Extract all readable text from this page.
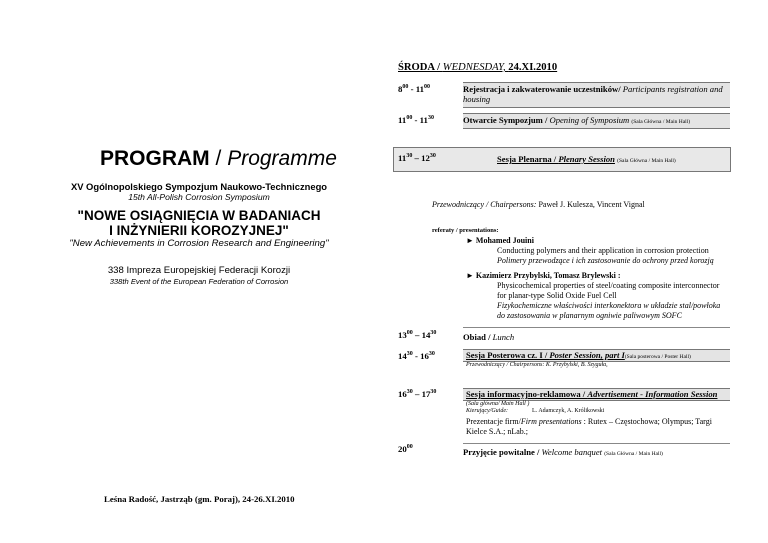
PROGRAM / Programme
XV Ogólnopolskiego Sympozjum Naukowo-Technicznego
15th All-Polish Corrosion Symposium
"NOWE OSIĄGNIĘCIA W BADANIACH
I INŻYNIERII KOROZYJNEJ"
"New Achievements in Corrosion Research and Engineering"
338 Impreza Europejskiej Federacji Korozji
338th Event of the European Federation of Corrosion
Leśna Radość, Jastrząb (gm. Poraj), 24-26.XI.2010
ŚRODA / WEDNESDAY, 24.XI.2010
$8^{00} - 11^{00}$	Rejestracja i zakwaterowanie uczestników/ Participants registration and housing
$11^{00} - 11^{30}$	Otwarcie Sympozjum / Opening of Symposium (Sala Główna / Main Hall)
$11^{30} - 12^{30}$	Sesja Plenarna / Plenary Session (Sala Główna / Main Hall)
Przewodniczący / Chairpersons: Paweł J. Kulesza, Vincent Vignal
referaty / presentations:
► Mohamed Jouini
Conducting polymers and their application in corrosion protection
Polimery przewodzące i ich zastosowanie do ochrony przed korozją
► Kazimierz Przybylski, Tomasz Brylewski :
Physicochemical properties of steel/coating composite interconnector
for planar-type Solid Oxide Fuel Cell
Fizykochemiczne właściwości interkonektora w układzie stal/powłoka
do zastosowania w planarnym ogniwie paliwowym SOFC
$13^{00} - 14^{30}$	Obiad / Lunch
$14^{30} - 16^{30}$	Sesja Posterowa cz. I / Poster Session, part I(Sala posterowa / Poster Hall)
Przewodniczący / Chairpersons: K. Przybylski, B. Szyguła,
$16^{30} - 17^{30}$	Sesja informacyjno-reklamowa / Advertisement - Information Session
(Sala główna/ Main Hall )
Kierujący/Guide:	L. Adamczyk, A. Królikowski
Prezentacje firm/Firm presentations : Rutex – Częstochowa; Olympus; Targi Kielce S.A.; nLab.;
$20^{00}$	Przyjęcie powitalne / Welcome banquet (Sala Główna / Main Hall)
